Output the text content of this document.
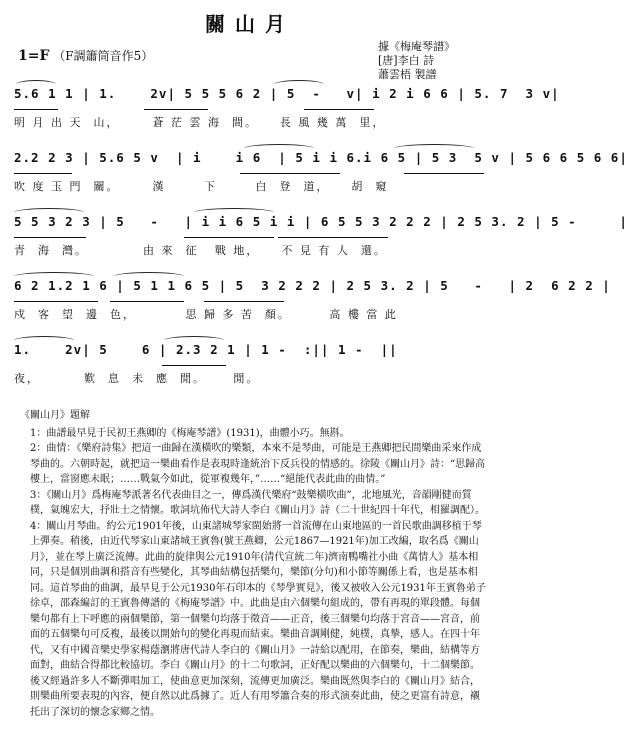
關山月
1=F （F調簫筒音作5）
據《梅庵琴譜》
[唐]李白 詩
蕭雲梧 製譜
5.6 1 1 | 1.    2v| 5 5 5 6 2 | 5  -   v| i 2 i 6 6 | 5. 7  3 v|
明 月 出 天  山，      蒼 茫 雲 海  間。    長 風 幾 萬  里，
2.2 2 3 | 5.6 5 v  | i    i 6  | 5 i i 6.i 6 5 | 5 3  5 v | 5 6 6 5 6 6|
吹 度 玉 門  關。      漢       下       白  登  道，    胡  窺
5 5 3 2 3 | 5   -   | i i 6 5 i i | 6 5 5 3 2 2 2 | 2 5 3. 2 | 5 -     |
青  海  灣。          由 來  征   戰 地，    不 見 有 人  還。
6 2 1.2 1 6 | 5 1 1 6 5 | 5  3 2 2 2 | 2 5 3. 2 | 5   -   | 2  6 2 2 |
戍  客  望  邊  色，         思 歸 多 苦  顏。       高 樓 當 此
1.    2v| 5    6 | 2.3 2 1 | 1 -  :|| 1 -  ||
夜，        歎  息  未  應  閒。     閒。

《關山月》題解

1：曲譜最早見于民初王燕卿的《梅庵琴譜》(1931)，曲體小巧。無斟。

2：曲情：《樂府詩集》把這一曲歸在漢橫吹的樂類，本來不是琴曲，可能是王燕卿把民間樂曲采來作成琴曲的。六朝時起，就把這一樂曲看作是表現時逢統治下反兵役的情感的。徐陵《關山月》詩：“思歸高樓上，當窗應未眠；……戰氣今如此，從軍複幾年，”……“絕能代表此曲的曲情。”

3：《關山月》爲梅庵琴派著名代表曲目之一，傳爲漢代樂府“鼓樂橫吹曲”，北地風光，音韻剛健而質樸，氣魄宏大，抒壯士之情懷。歌詞坑佈代大詩人李白《關山月》詩（二十世紀四十年代，相羅調配）。

4：關山月琴曲。約公元1901年後，山東諸城琴家閩始將一首流傳在山東地區的一首民歌曲調移植于琴上彈奏。稍後，由近代琴家山東諸城王賓魯(號王燕卿，公元1867—1921年)加工改編，取名爲《關山月》，並在琴上廣泛流傳。此曲的旋律與公元1910年(清代宣統二年)濟南鴨嘴社小曲《萬情人》基本相同，只是個別曲調和搭音有些變化，其琴曲結構包括樂句，樂節(分句)和小節等關係上看，也是基本相同。這首琴曲的曲調，最早見于公元1930年石印本的《琴學實見》，後又被收入公元1931年王賓魯弟子徐卓，邵森編訂的王賓魯傳譜的《梅庵琴譜》中。此曲是由六個樂句組成的，帶有再現的單段體。每個樂句都有上下呼應的兩個樂節，第一個樂句均落于徵音——正音，後三個樂句均落于宮音——宮音，前面的五個樂句可反複，最後以開始句的變化再現而結束。樂曲音調剛健，純樸，真摯，感人。在四十年代，又有中國音樂史學家楊蔭瀏將唐代詩人李白的《關山月》一詩給以配用，在節奏，樂曲，結構等方面對，曲結合得都比較協切。李白《關山月》的十二句歌詞，正好配以樂曲的六個樂句，十二個樂節。後又經過許多人不斷彈唱加工，使曲意更加深刻，流傳更加廣泛。樂曲既然與李白的《關山月》結合，則樂曲所要表現的內容，便自然以此爲據了。近人有用琴簫合奏的形式演奏此曲，使之更富有詩意，襯托出了深切的懷念家鄉之情。
